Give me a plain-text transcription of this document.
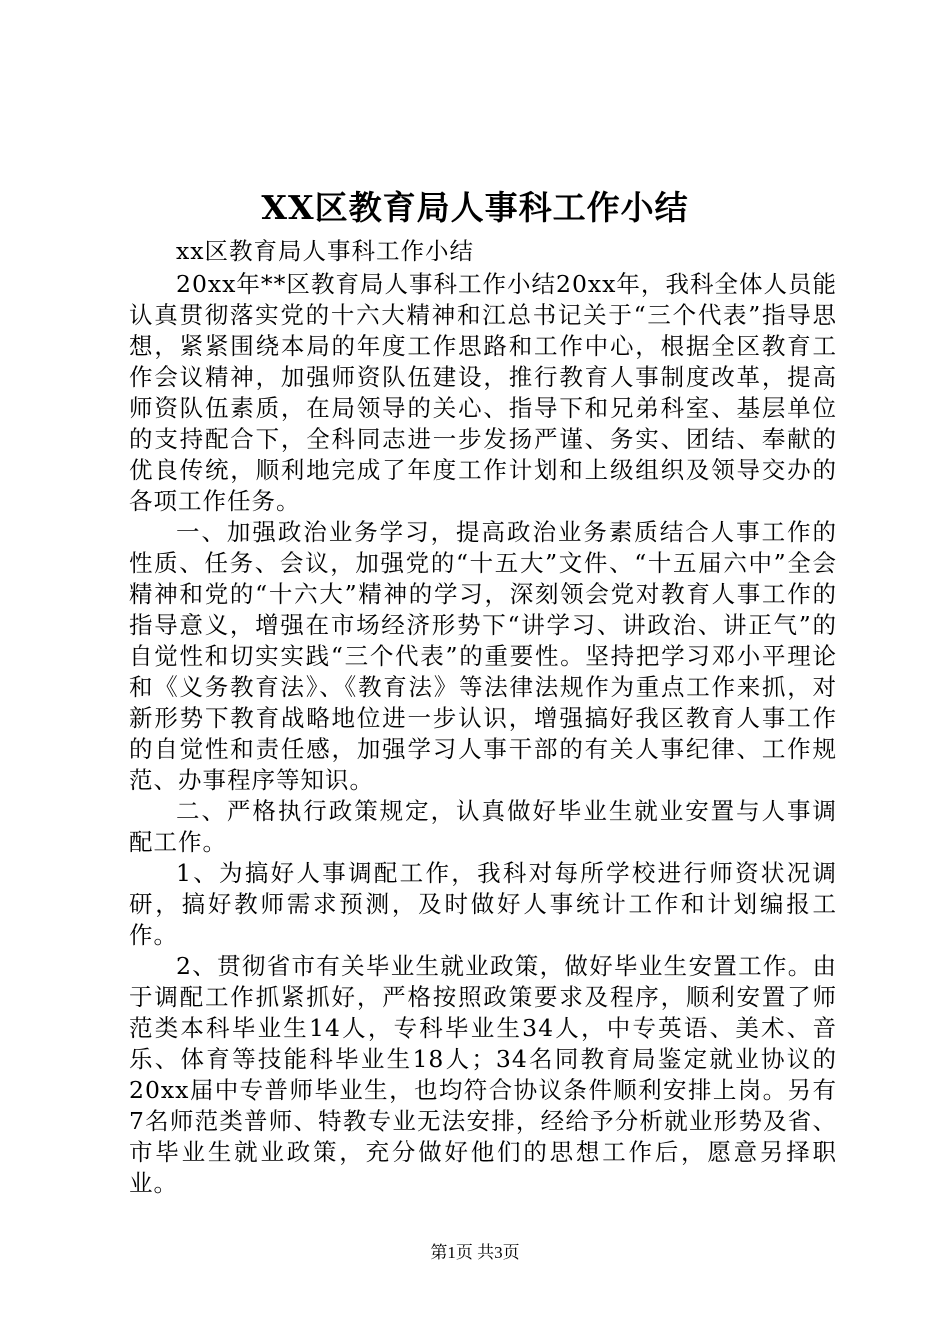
XX区教育局人事科工作小结

xx区教育局人事科工作小结

20xx年**区教育局人事科工作小结20xx年，我科全体人员能认真贯彻落实党的十六大精神和江总书记关于“三个代表”指导思想，紧紧围绕本局的年度工作思路和工作中心，根据全区教育工作会议精神，加强师资队伍建设，推行教育人事制度改革，提高师资队伍素质，在局领导的关心、指导下和兄弟科室、基层单位的支持配合下，全科同志进一步发扬严谨、务实、团结、奉献的优良传统，顺利地完成了年度工作计划和上级组织及领导交办的各项工作任务。

一、加强政治业务学习，提高政治业务素质结合人事工作的性质、任务、会议，加强党的“十五大”文件、“十五届六中”全会精神和党的“十六大”精神的学习，深刻领会党对教育人事工作的指导意义，增强在市场经济形势下“讲学习、讲政治、讲正气”的自觉性和切实实践“三个代表”的重要性。坚持把学习邓小平理论和《义务教育法》、《教育法》等法律法规作为重点工作来抓，对新形势下教育战略地位进一步认识，增强搞好我区教育人事工作的自觉性和责任感，加强学习人事干部的有关人事纪律、工作规范、办事程序等知识。

二、严格执行政策规定，认真做好毕业生就业安置与人事调配工作。

1、为搞好人事调配工作，我科对每所学校进行师资状况调研，搞好教师需求预测，及时做好人事统计工作和计划编报工作。

2、贯彻省市有关毕业生就业政策，做好毕业生安置工作。由于调配工作抓紧抓好，严格按照政策要求及程序，顺利安置了师范类本科毕业生14人，专科毕业生34人，中专英语、美术、音乐、体育等技能科毕业生18人；34名同教育局鉴定就业协议的20xx届中专普师毕业生，也均符合协议条件顺利安排上岗。另有7名师范类普师、特教专业无法安排，经给予分析就业形势及省、市毕业生就业政策，充分做好他们的思想工作后，愿意另择职业。

第1页 共3页
